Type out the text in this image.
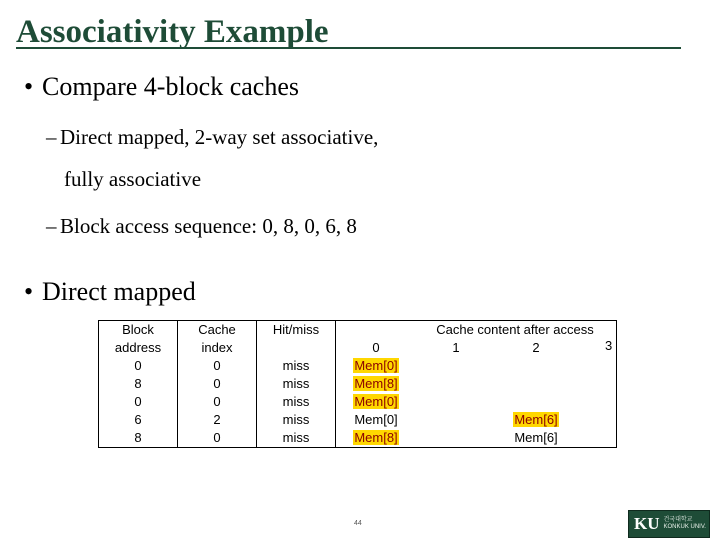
Associativity Example
• Compare 4-block caches
– Direct mapped, 2-way set associative,
fully associative
– Block access sequence: 0, 8, 0, 6, 8
• Direct mapped
Block	Cache	Hit/miss	Cache content after access			
address	index		0	1	2	
0	0	miss	Mem[0]			
8	0	miss	Mem[8]			
0	0	miss	Mem[0]			
6	2	miss	Mem[0]		Mem[6]	
8	0	miss	Mem[8]		Mem[6]	
3
44	KU 건국대학교 KONKUK UNIV.
